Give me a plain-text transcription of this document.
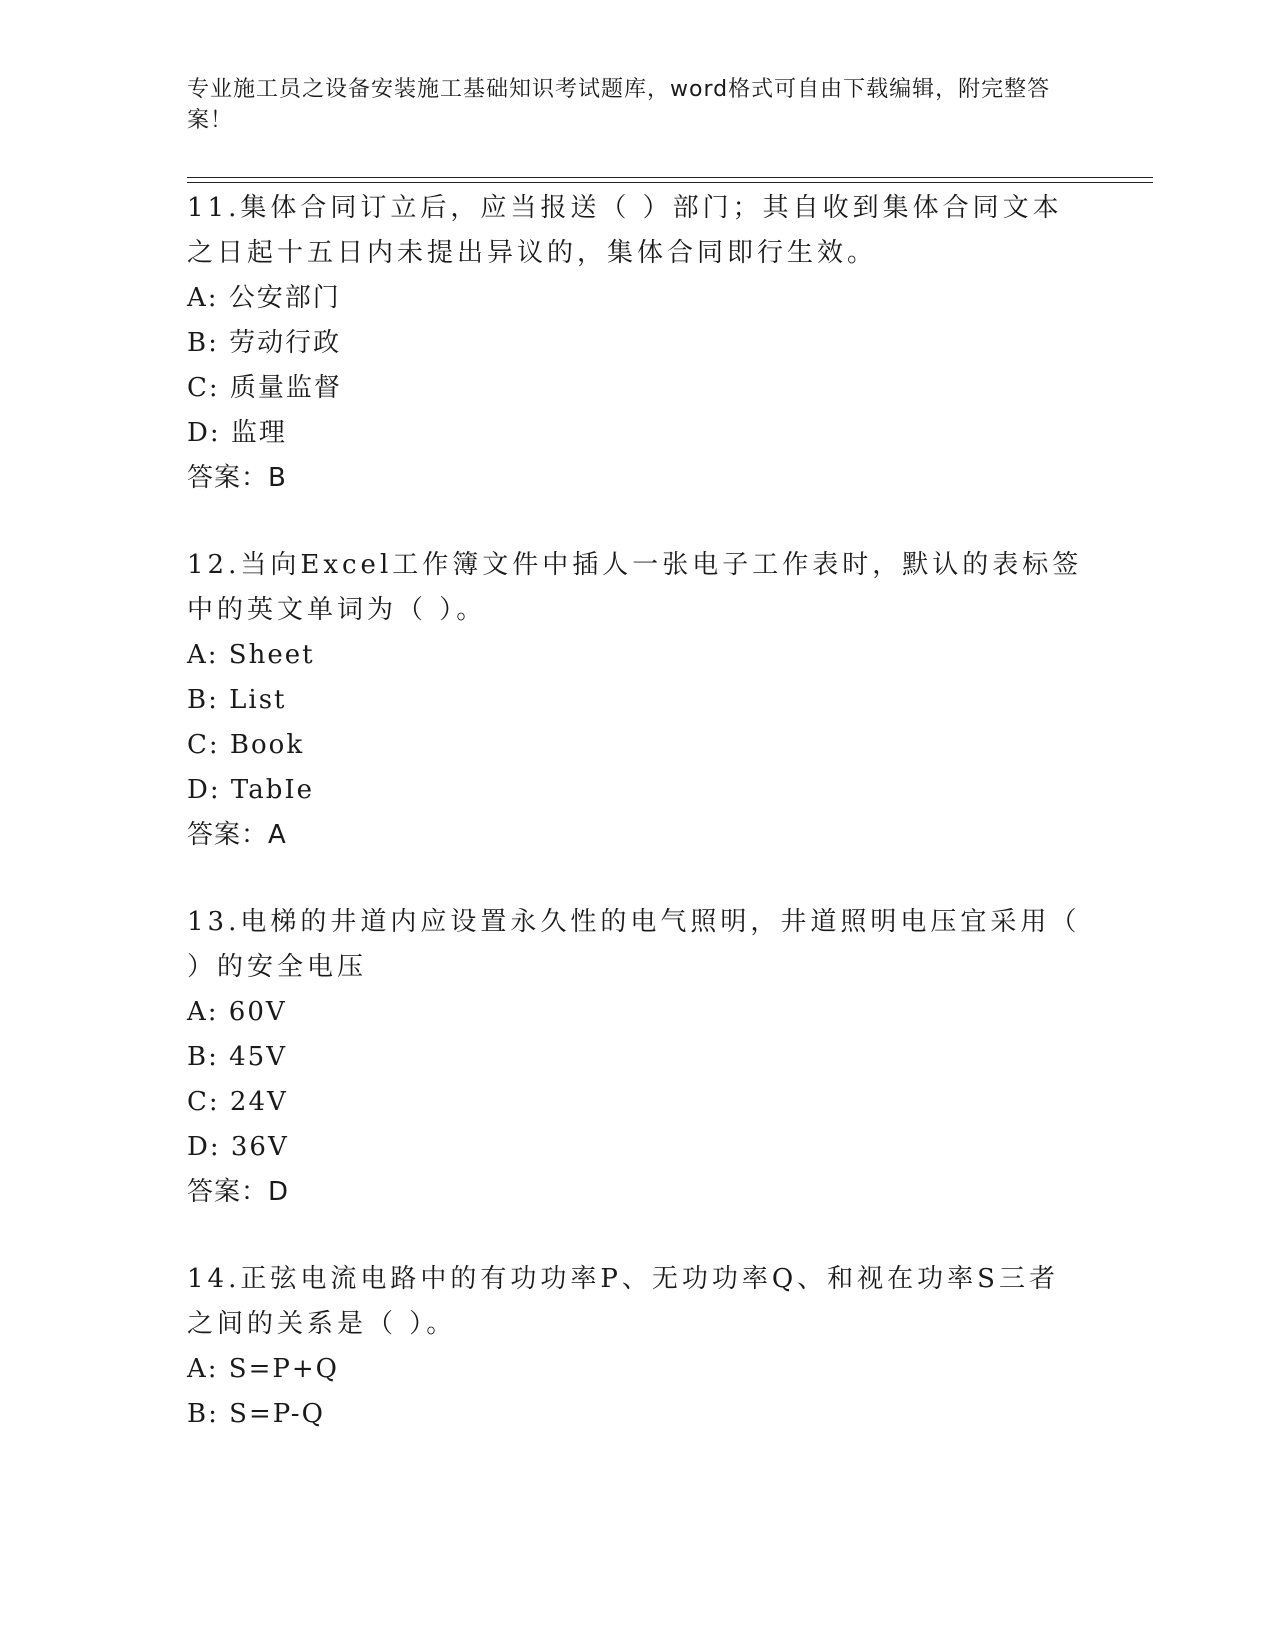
专业施工员之设备安装施工基础知识考试题库，word格式可自由下载编辑，附完整答案！

11.集体合同订立后，应当报送（ ）部门；其自收到集体合同文本之日起十五日内未提出异议的，集体合同即行生效。

A: 公安部门

B: 劳动行政

C: 质量监督

D: 监理

答案：B

12.当向Excel工作簿文件中插人一张电子工作表时，默认的表标签中的英文单词为（ ）。

A: Sheet

B: List

C: Book

D: TabIe

答案：A

13.电梯的井道内应设置永久性的电气照明，井道照明电压宜采用（ ）的安全电压

A: 60V

B: 45V

C: 24V

D: 36V

答案：D

14.正弦电流电路中的有功功率P、无功功率Q、和视在功率S三者之间的关系是（ ）。

A: S=P+Q

B: S=P-Q
